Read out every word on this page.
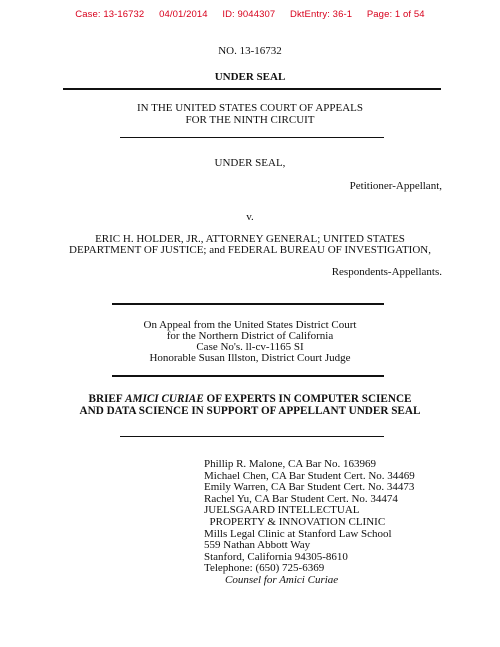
Case: 13-16732 04/01/2014 ID: 9044307 DktEntry: 36-1 Page: 1 of 54
NO. 13-16732
UNDER SEAL
IN THE UNITED STATES COURT OF APPEALS
FOR THE NINTH CIRCUIT
UNDER SEAL,
Petitioner-Appellant,
v.
ERIC H. HOLDER, JR., ATTORNEY GENERAL; UNITED STATES
DEPARTMENT OF JUSTICE; and FEDERAL BUREAU OF INVESTIGATION,
Respondents-Appellants.
On Appeal from the United States District Court
for the Northern District of California
Case No's. ll-cv-1165 SI
Honorable Susan Illston, District Court Judge
BRIEF AMICI CURIAE OF EXPERTS IN COMPUTER SCIENCE
AND DATA SCIENCE IN SUPPORT OF APPELLANT UNDER SEAL
Phillip R. Malone, CA Bar No. 163969
Michael Chen, CA Bar Student Cert. No. 34469
Emily Warren, CA Bar Student Cert. No. 34473
Rachel Yu, CA Bar Student Cert. No. 34474
JUELSGAARD INTELLECTUAL
PROPERTY & INNOVATION CLINIC
Mills Legal Clinic at Stanford Law School
559 Nathan Abbott Way
Stanford, California 94305-8610
Telephone: (650) 725-6369
Counsel for Amici Curiae
